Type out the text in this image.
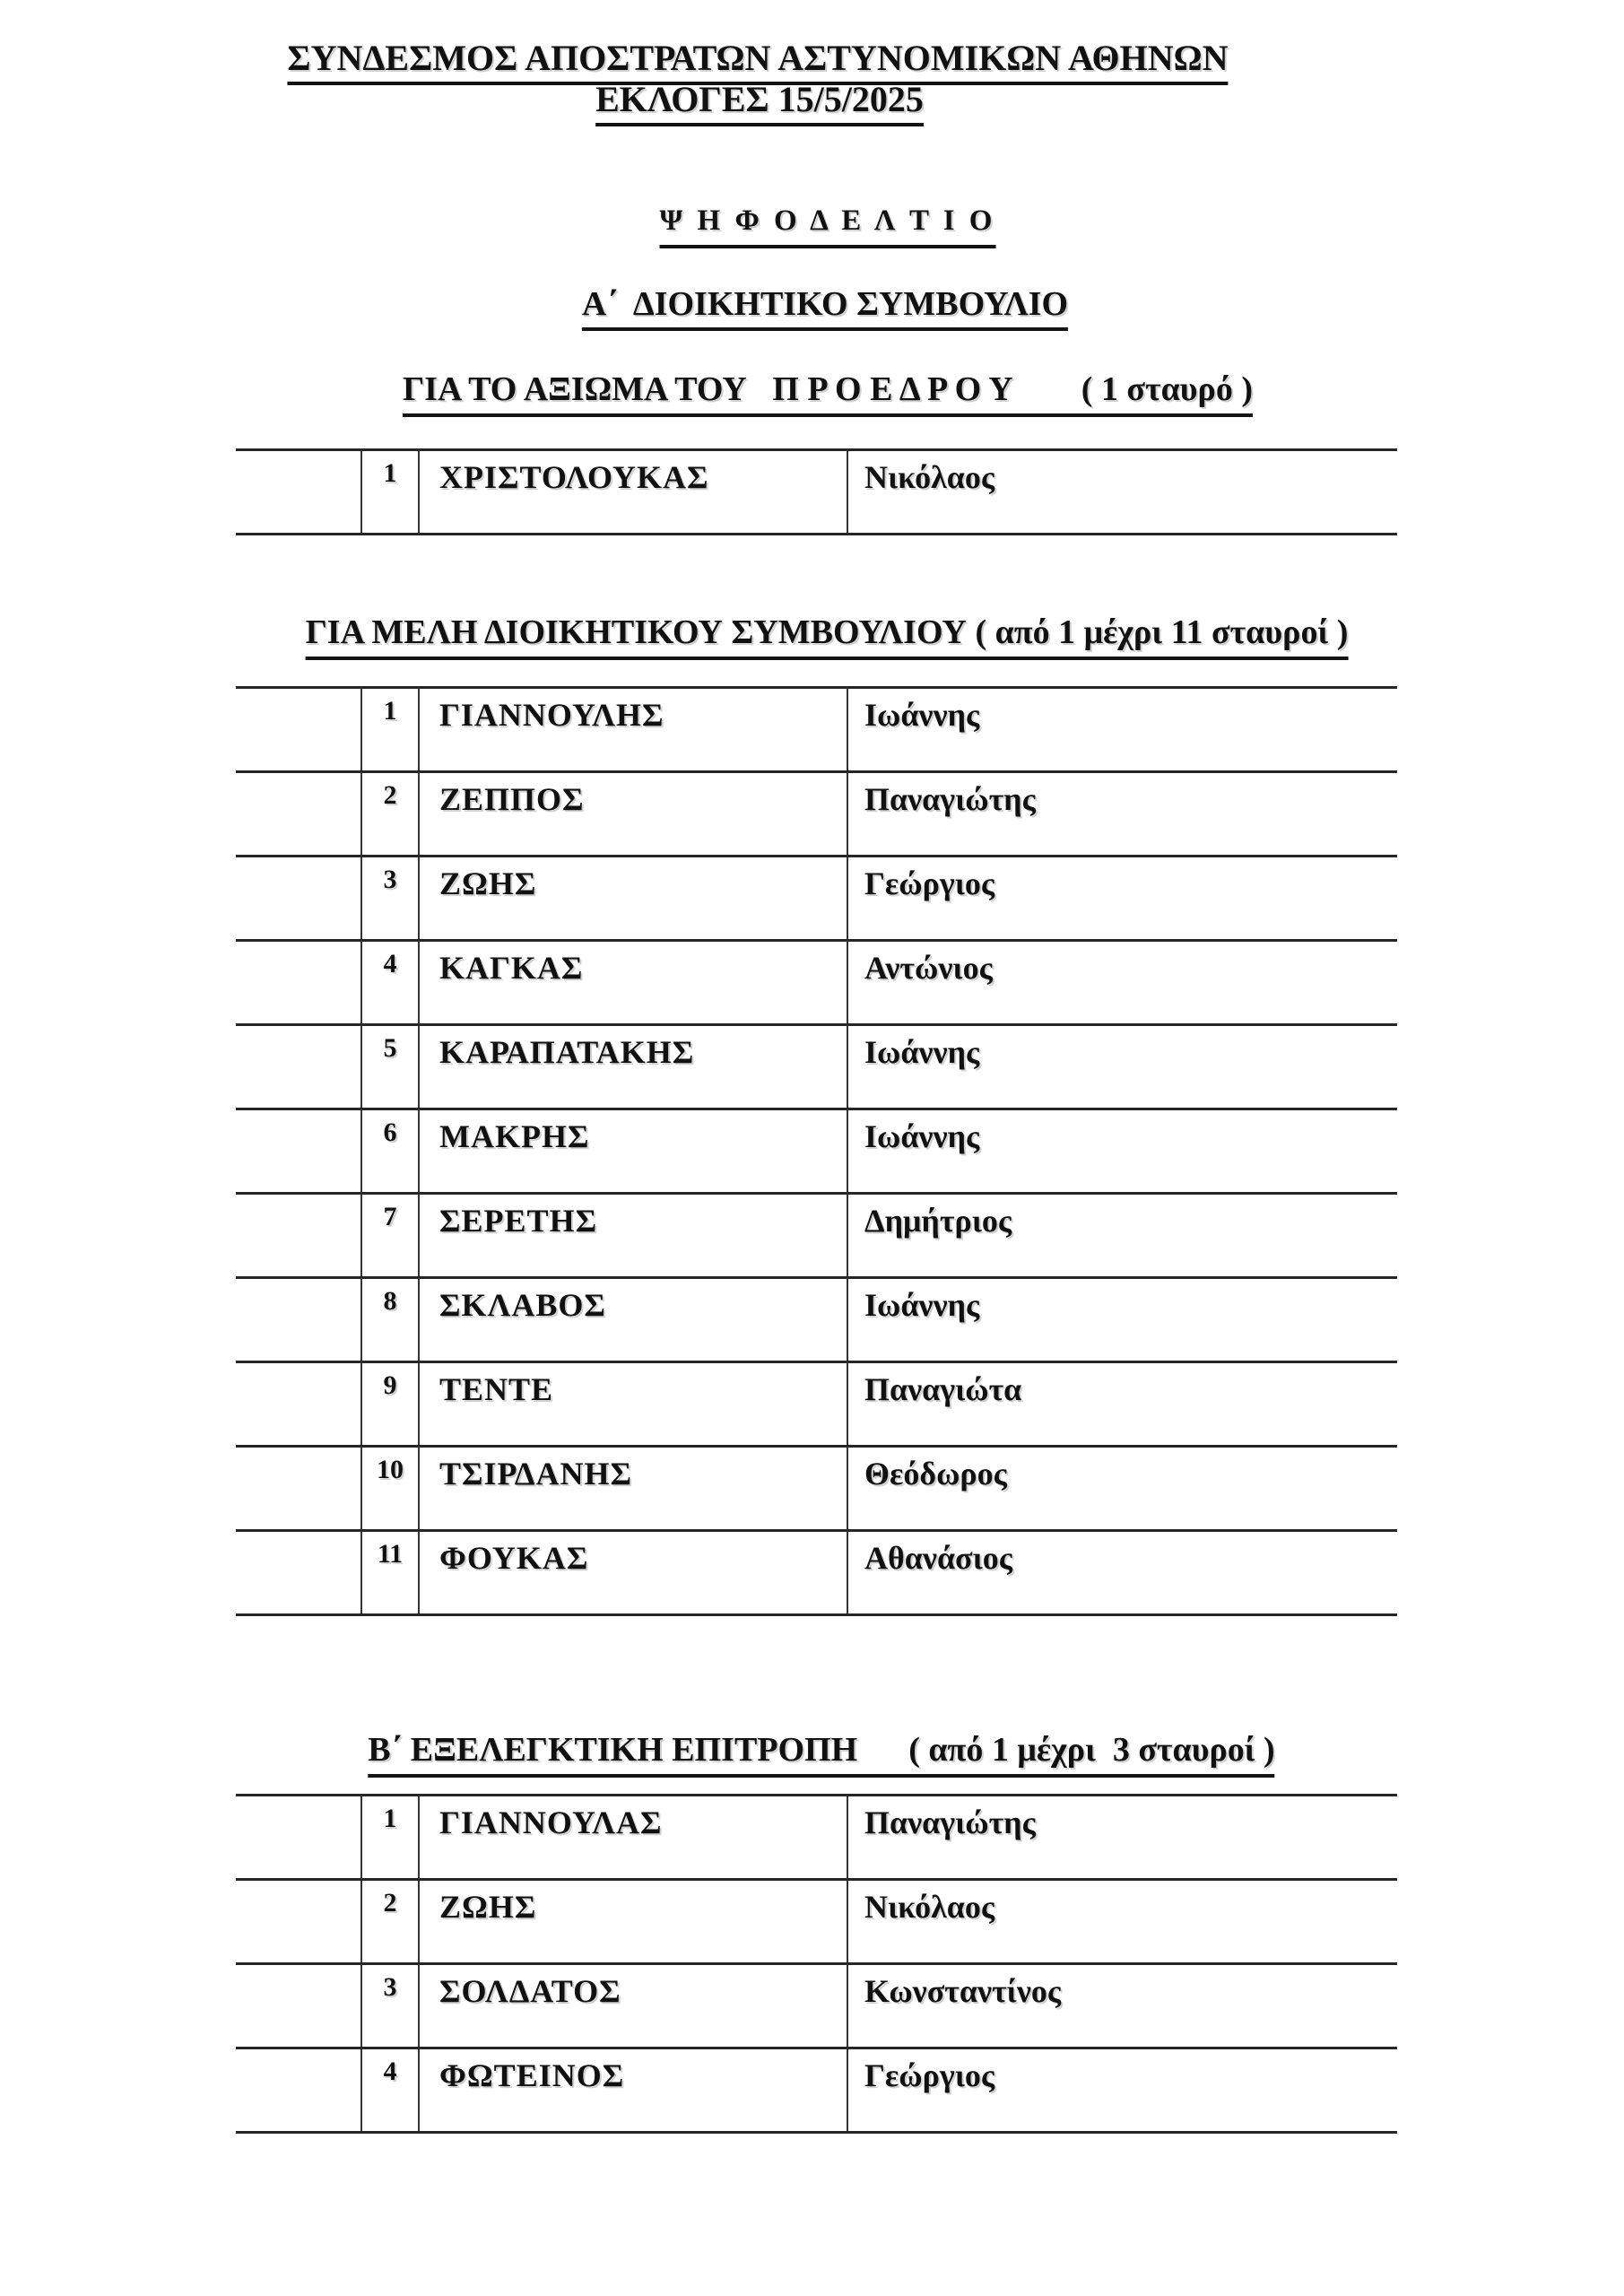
ΣΥΝΔΕΣΜΟΣ ΑΠΟΣΤΡΑΤΩΝ ΑΣΤΥΝΟΜΙΚΩΝ ΑΘΗΝΩΝ
ΕΚΛΟΓΕΣ 15/5/2025
Ψ Η Φ Ο Δ Ε Λ Τ Ι Ο
Α΄  ΔΙΟΙΚΗΤΙΚΟ ΣΥΜΒΟΥΛΙΟ
ΓΙΑ ΤΟ ΑΞΙΩΜΑ ΤΟΥ   Π Ρ Ο Ε Δ Ρ Ο Υ        ( 1 σταυρό )
1	ΧΡΙΣΤΟΛΟΥΚΑΣ	Νικόλαος
ΓΙΑ ΜΕΛΗ ΔΙΟΙΚΗΤΙΚΟΥ ΣΥΜΒΟΥΛΙΟΥ ( από 1 μέχρι 11 σταυροί )
1	ΓΙΑΝΝΟΥΛΗΣ	Ιωάννης
2	ΖΕΠΠΟΣ	Παναγιώτης
3	ΖΩΗΣ	Γεώργιος
4	ΚΑΓΚΑΣ	Αντώνιος
5	ΚΑΡΑΠΑΤΑΚΗΣ	Ιωάννης
6	ΜΑΚΡΗΣ	Ιωάννης
7	ΣΕΡΕΤΗΣ	Δημήτριος
8	ΣΚΛΑΒΟΣ	Ιωάννης
9	ΤΕΝΤΕ	Παναγιώτα
10	ΤΣΙΡΔΑΝΗΣ	Θεόδωρος
11	ΦΟΥΚΑΣ	Αθανάσιος
Β΄ ΕΞΕΛΕΓΚΤΙΚΗ ΕΠΙΤΡΟΠΗ      ( από 1 μέχρι  3 σταυροί )
1	ΓΙΑΝΝΟΥΛΑΣ	Παναγιώτης
2	ΖΩΗΣ	Νικόλαος
3	ΣΟΛΔΑΤΟΣ	Κωνσταντίνος
4	ΦΩΤΕΙΝΟΣ	Γεώργιος
